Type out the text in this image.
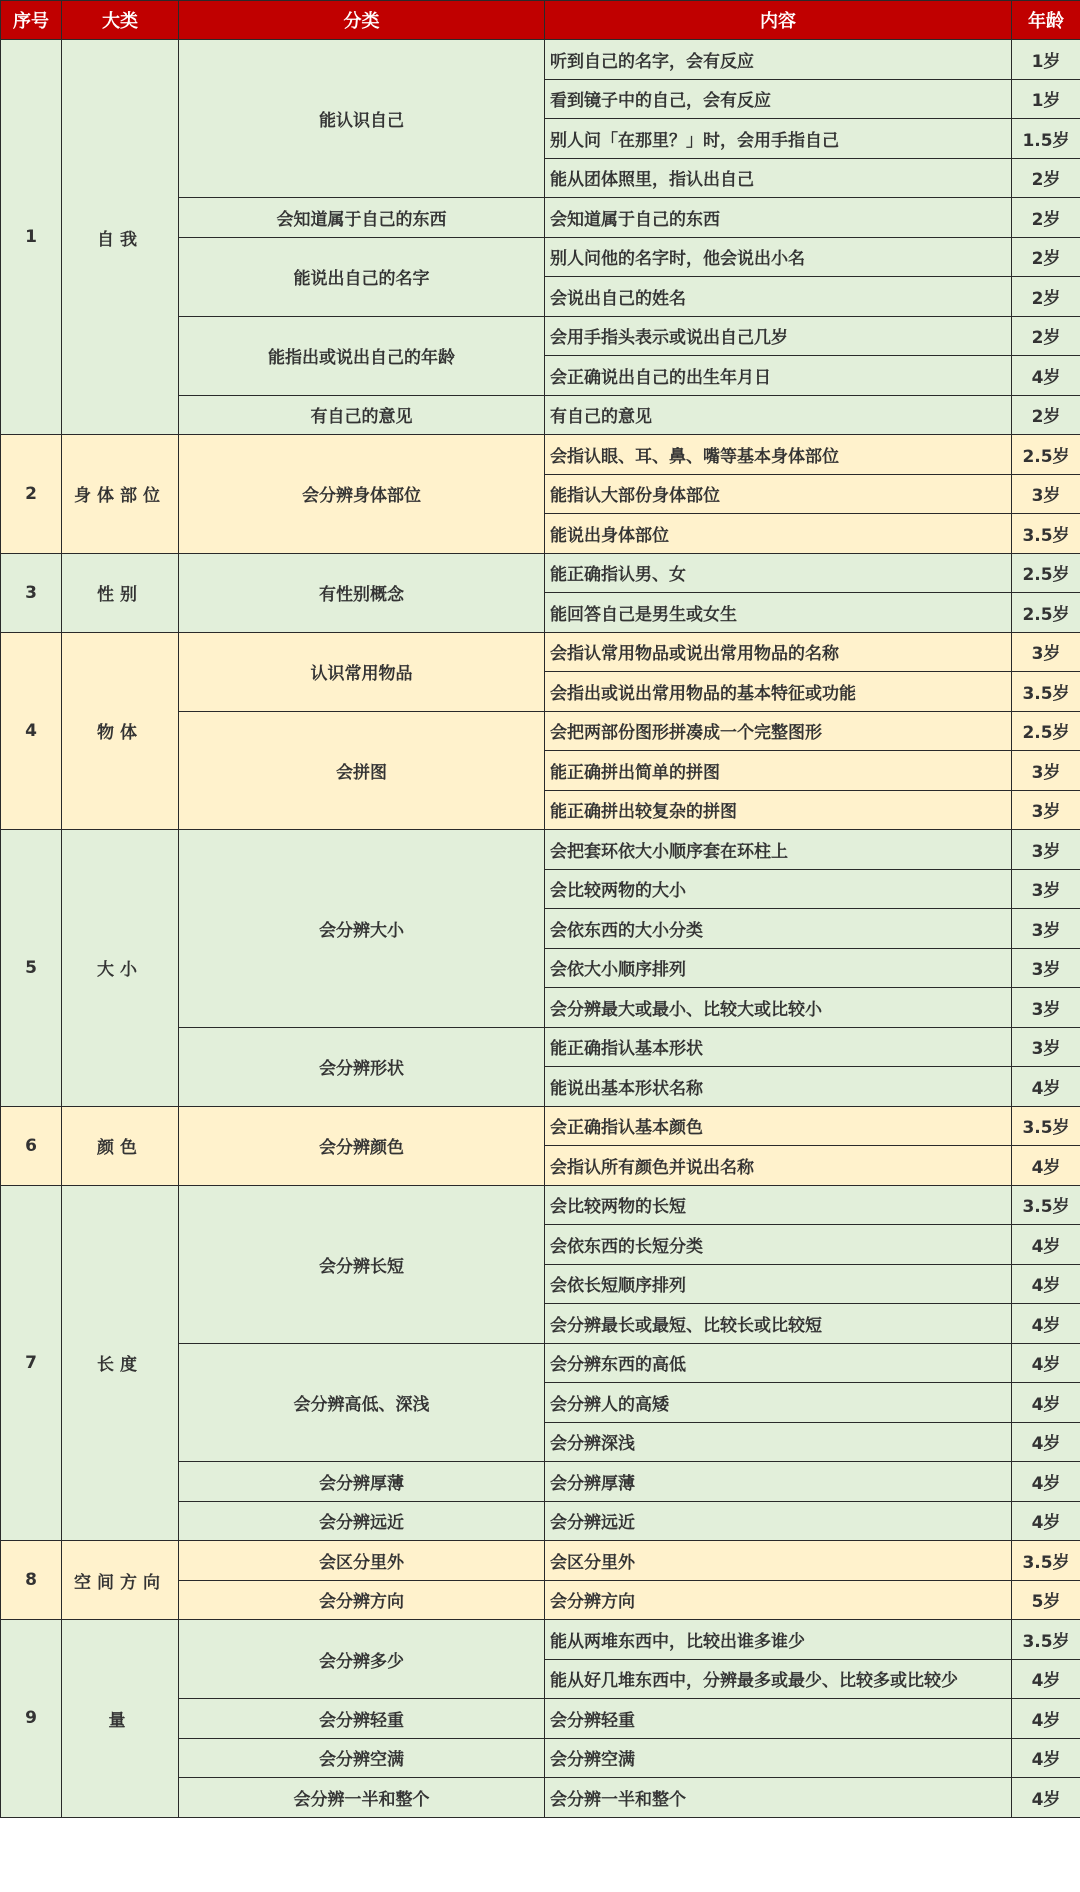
序号	大类	分类	内容	年龄
1	自我	能认识自己	听到自己的名字，会有反应	1岁
			看到镜子中的自己，会有反应	1岁
			别人问「在那里？」时，会用手指自己	1.5岁
			能从团体照里，指认出自己	2岁
		会知道属于自己的东西	会知道属于自己的东西	2岁
		能说出自己的名字	别人问他的名字时，他会说出小名	2岁
			会说出自己的姓名	2岁
		能指出或说出自己的年龄	会用手指头表示或说出自己几岁	2岁
			会正确说出自己的出生年月日	4岁
		有自己的意见	有自己的意见	2岁
2	身体部位	会分辨身体部位	会指认眼、耳、鼻、嘴等基本身体部位	2.5岁
			能指认大部份身体部位	3岁
			能说出身体部位	3.5岁
3	性别	有性别概念	能正确指认男、女	2.5岁
			能回答自己是男生或女生	2.5岁
4	物体	认识常用物品	会指认常用物品或说出常用物品的名称	3岁
			会指出或说出常用物品的基本特征或功能	3.5岁
		会拼图	会把两部份图形拼凑成一个完整图形	2.5岁
			能正确拼出简单的拼图	3岁
			能正确拼出较复杂的拼图	3岁
5	大小	会分辨大小	会把套环依大小顺序套在环柱上	3岁
			会比较两物的大小	3岁
			会依东西的大小分类	3岁
			会依大小顺序排列	3岁
			会分辨最大或最小、比较大或比较小	3岁
		会分辨形状	能正确指认基本形状	3岁
			能说出基本形状名称	4岁
6	颜色	会分辨颜色	会正确指认基本颜色	3.5岁
			会指认所有颜色并说出名称	4岁
7	长度	会分辨长短	会比较两物的长短	3.5岁
			会依东西的长短分类	4岁
			会依长短顺序排列	4岁
			会分辨最长或最短、比较长或比较短	4岁
		会分辨高低、深浅	会分辨东西的高低	4岁
			会分辨人的高矮	4岁
			会分辨深浅	4岁
		会分辨厚薄	会分辨厚薄	4岁
		会分辨远近	会分辨远近	4岁
8	空间方向	会区分里外	会区分里外	3.5岁
		会分辨方向	会分辨方向	5岁
9	量	会分辨多少	能从两堆东西中，比较出谁多谁少	3.5岁
			能从好几堆东西中，分辨最多或最少、比较多或比较少	4岁
		会分辨轻重	会分辨轻重	4岁
		会分辨空满	会分辨空满	4岁
		会分辨一半和整个	会分辨一半和整个	4岁
